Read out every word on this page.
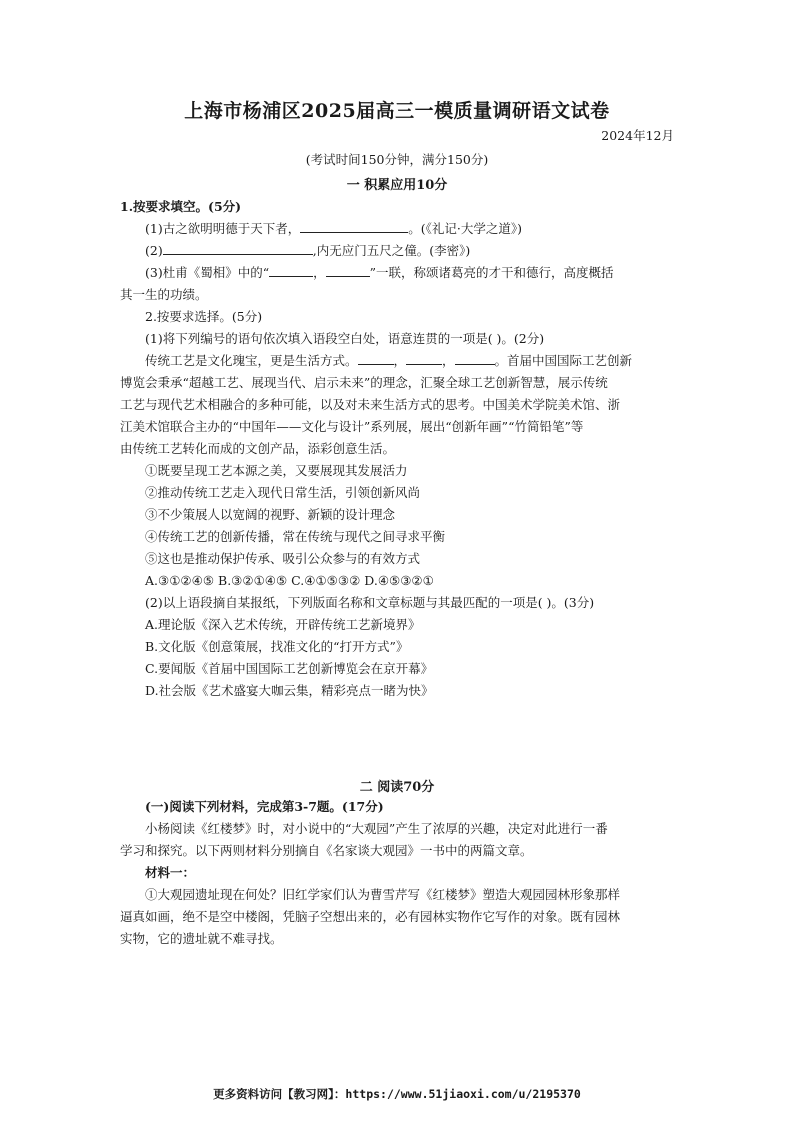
上海市杨浦区2025届高三一模质量调研语文试卷
2024年12月
(考试时间150分钟，满分150分)
一 积累应用10分

1.按要求填空。(5分)

(1)古之欲明明德于天下者，	。(《礼记·大学之道》)

(2)	,内无应门五尺之僮。(李密》)

(3)杜甫《蜀相》中的“	，	”一联，称颂诸葛亮的才干和德行，高度概括

其一生的功绩。

2.按要求选择。(5分)

(1)将下列编号的语句依次填入语段空白处，语意连贯的一项是( )。(2分)

传统工艺是文化瑰宝，更是生活方式。	，	，	。首届中国国际工艺创新

博览会秉承“超越工艺、展现当代、启示未来”的理念，汇聚全球工艺创新智慧，展示传统

工艺与现代艺术相融合的多种可能，以及对未来生活方式的思考。中国美术学院美术馆、浙

江美术馆联合主办的“中国年——文化与设计”系列展，展出“创新年画”“竹简铅笔”等

由传统工艺转化而成的文创产品，添彩创意生活。

①既要呈现工艺本源之美，又要展现其发展活力

②推动传统工艺走入现代日常生活，引领创新风尚

③不少策展人以宽阔的视野、新颖的设计理念

④传统工艺的创新传播，常在传统与现代之间寻求平衡

⑤这也是推动保护传承、吸引公众参与的有效方式

A.③①②④⑤ B.③②①④⑤ C.④①⑤③② D.④⑤③②①

(2)以上语段摘自某报纸，下列版面名称和文章标题与其最匹配的一项是( )。(3分)

A.理论版《深入艺术传统，开辟传统工艺新境界》

B.文化版《创意策展，找准文化的“打开方式”》

C.要闻版《首届中国国际工艺创新博览会在京开幕》

D.社会版《艺术盛宴大咖云集，精彩亮点一睹为快》

二 阅读70分

(一)阅读下列材料，完成第3-7题。(17分)

小杨阅读《红楼梦》时，对小说中的“大观园”产生了浓厚的兴趣，决定对此进行一番

学习和探究。以下两则材料分别摘自《名家谈大观园》一书中的两篇文章。

材料一：

①大观园遗址现在何处？旧红学家们认为曹雪芹写《红楼梦》塑造大观园园林形象那样

逼真如画，绝不是空中楼阁，凭脑子空想出来的，必有园林实物作它写作的对象。既有园林

实物，它的遗址就不难寻找。

更多资料访问【教习网】：https://www.51jiaoxi.com/u/2195370
